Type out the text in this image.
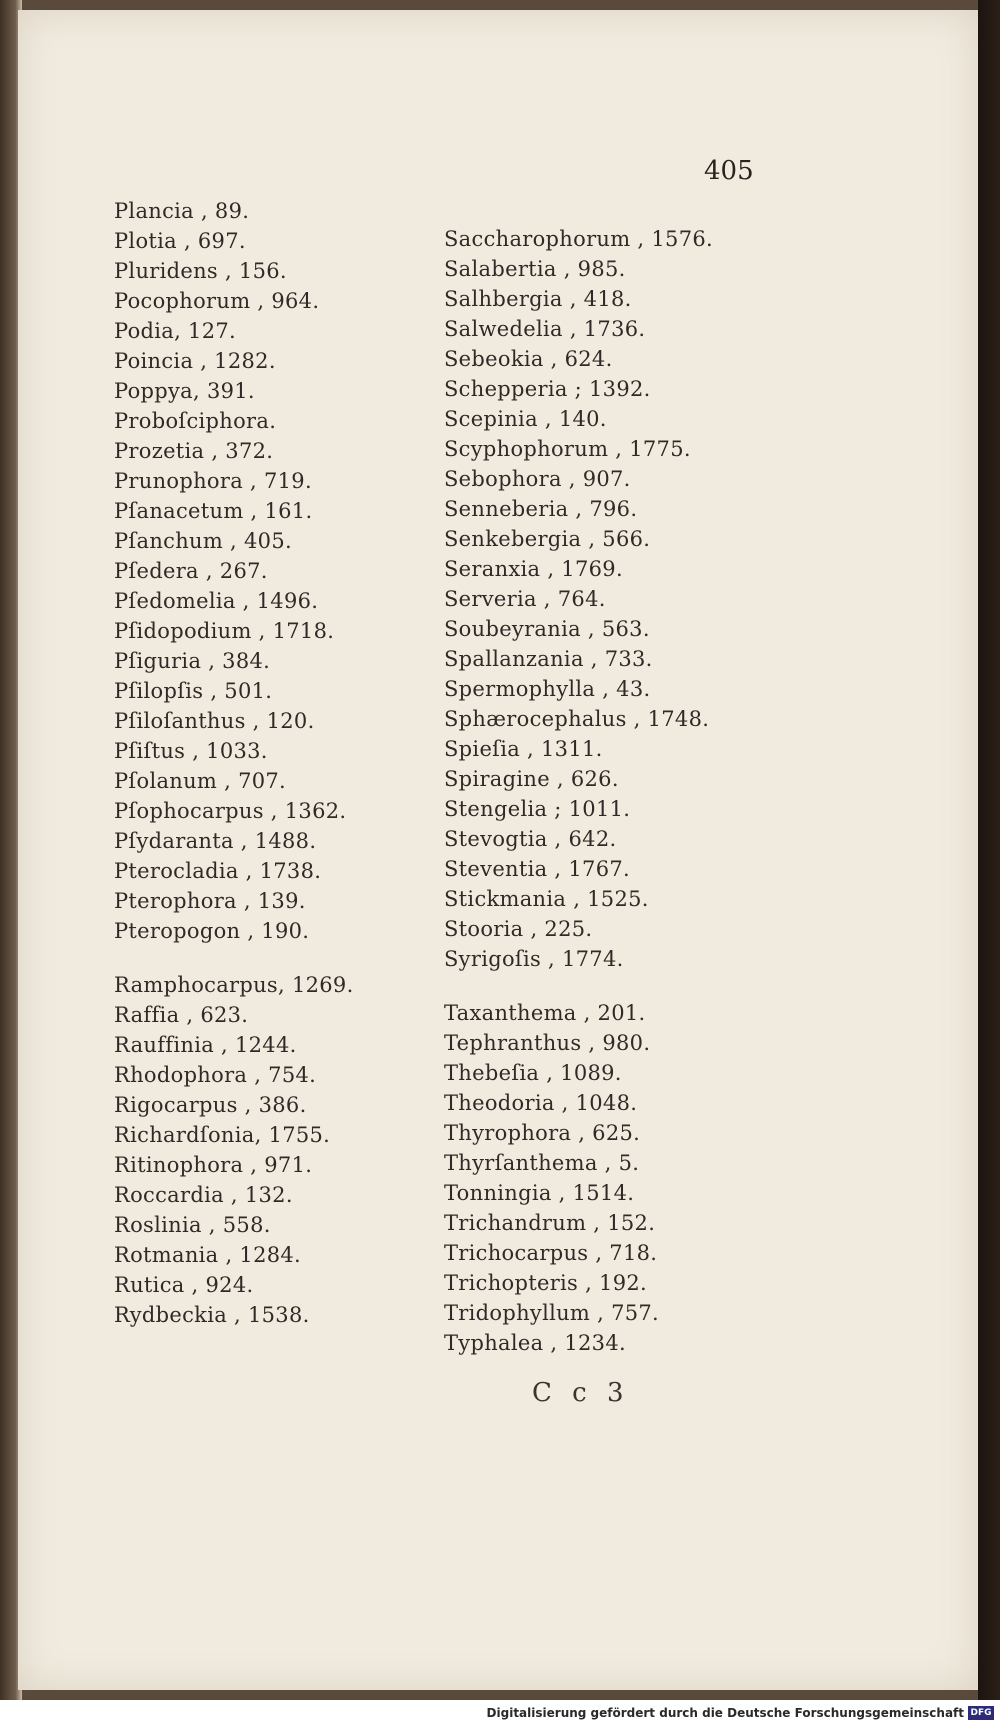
405
Plancia , 89.
Plotia , 697.
Pluridens , 156.
Pocophorum , 964.
Podia, 127.
Poincia , 1282.
Poppya, 391.
Proboſciphora.
Prozetia , 372.
Prunophora , 719.
Pſanacetum , 161.
Pſanchum , 405.
Pſedera , 267.
Pſedomelia , 1496.
Pſidopodium , 1718.
Pſiguria , 384.
Pſilopſis , 501.
Pſiloſanthus , 120.
Pſiſtus , 1033.
Pſolanum , 707.
Pſophocarpus , 1362.
Pſydaranta , 1488.
Pterocladia , 1738.
Pterophora , 139.
Pteropogon , 190.
Ramphocarpus, 1269.
Raffia , 623.
Rauffinia , 1244.
Rhodophora , 754.
Rigocarpus , 386.
Richardſonia, 1755.
Ritinophora , 971.
Roccardia , 132.
Roslinia , 558.
Rotmania , 1284.
Rutica , 924.
Rydbeckia , 1538.
Saccharophorum , 1576.
Salabertia , 985.
Salhbergia , 418.
Salwedelia , 1736.
Sebeokia , 624.
Schepperia ; 1392.
Scepinia , 140.
Scyphophorum , 1775.
Sebophora , 907.
Senneberia , 796.
Senkebergia , 566.
Seranxia , 1769.
Serveria , 764.
Soubeyrania , 563.
Spallanzania , 733.
Spermophylla , 43.
Sphærocephalus , 1748.
Spieſia , 1311.
Spiragine , 626.
Stengelia ; 1011.
Stevogtia , 642.
Steventia , 1767.
Stickmania , 1525.
Stooria , 225.
Syrigoſis , 1774.
Taxanthema , 201.
Tephranthus , 980.
Thebeſia , 1089.
Theodoria , 1048.
Thyrophora , 625.
Thyrſanthema , 5.
Tonningia , 1514.
Trichandrum , 152.
Trichocarpus , 718.
Trichopteris , 192.
Tridophyllum , 757.
Typhalea , 1234.
C c 3
Digitalisierung gefördert durch die Deutsche Forschungsgemeinschaft DFG
